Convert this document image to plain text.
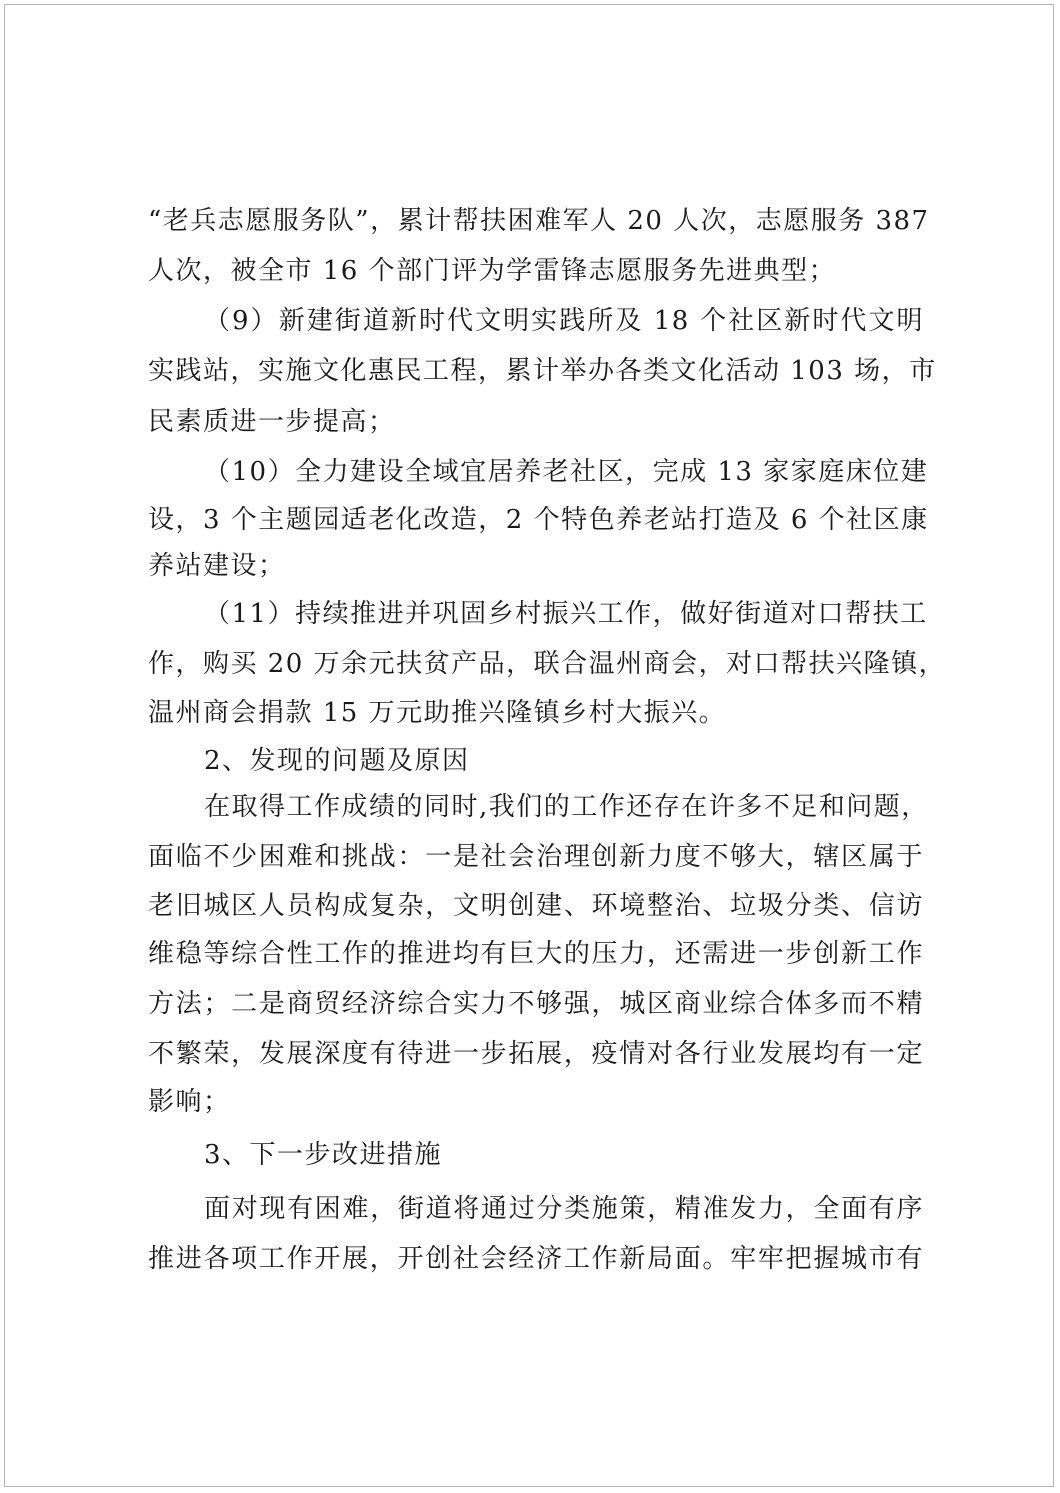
“老兵志愿服务队”，累计帮扶困难军人 20 人次，志愿服务 387
人次，被全市 16 个部门评为学雷锋志愿服务先进典型；
（9）新建街道新时代文明实践所及 18 个社区新时代文明
实践站，实施文化惠民工程，累计举办各类文化活动 103 场，市
民素质进一步提高；
（10）全力建设全域宜居养老社区，完成 13 家家庭床位建
设，3 个主题园适老化改造，2 个特色养老站打造及 6 个社区康
养站建设；
（11）持续推进并巩固乡村振兴工作，做好街道对口帮扶工
作，购买 20 万余元扶贫产品，联合温州商会，对口帮扶兴隆镇，
温州商会捐款 15 万元助推兴隆镇乡村大振兴。
2、发现的问题及原因
在取得工作成绩的同时,我们的工作还存在许多不足和问题，
面临不少困难和挑战：一是社会治理创新力度不够大，辖区属于
老旧城区人员构成复杂，文明创建、环境整治、垃圾分类、信访
维稳等综合性工作的推进均有巨大的压力，还需进一步创新工作
方法；二是商贸经济综合实力不够强，城区商业综合体多而不精
不繁荣，发展深度有待进一步拓展，疫情对各行业发展均有一定
影响；
3、下一步改进措施
面对现有困难，街道将通过分类施策，精准发力，全面有序
推进各项工作开展，开创社会经济工作新局面。牢牢把握城市有
